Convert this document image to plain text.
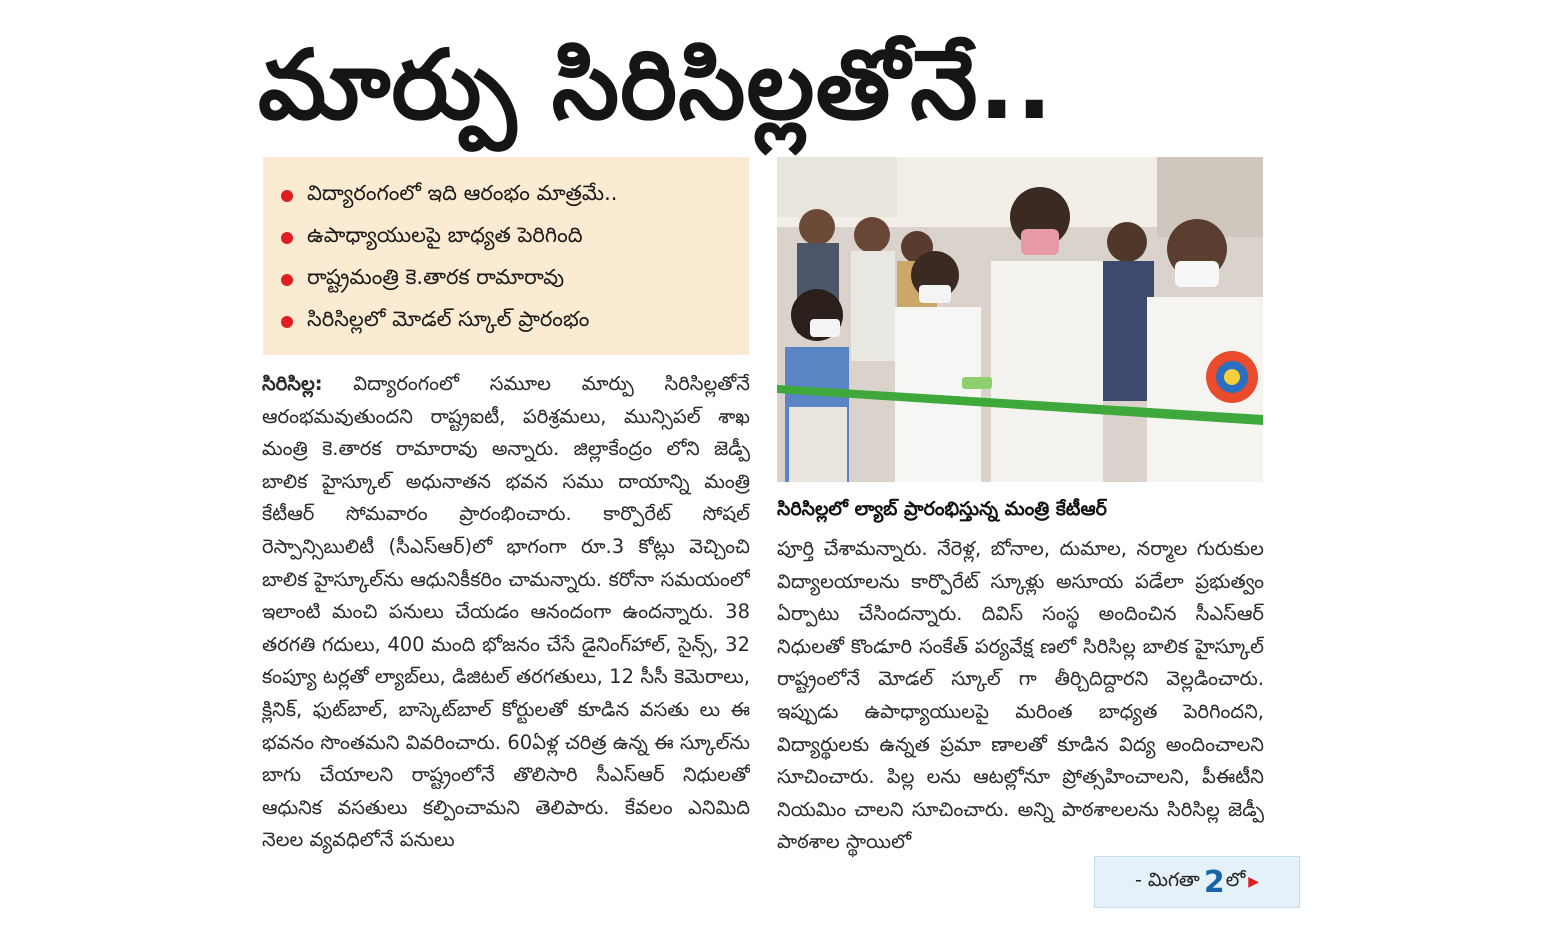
మార్పు సిరిసిల్లతోనే..
విద్యారంగంలో ఇది ఆరంభం మాత్రమే..
ఉపాధ్యాయులపై బాధ్యత పెరిగింది
రాష్ట్రమంత్రి కె.తారక రామారావు
సిరిసిల్లలో మోడల్ స్కూల్ ప్రారంభం
సిరిసిల్ల: విద్యారంగంలో సమూల మార్పు సిరిసిల్లతోనే ఆరంభమవుతుందని రాష్ట్రఐటీ, పరిశ్రమలు, మున్సిపల్ శాఖ మంత్రి కె.తారక రామారావు అన్నారు. జిల్లాకేంద్రం లోని జెడ్పీ బాలిక హైస్కూల్ అధునాతన భవన సము దాయాన్ని మంత్రి కేటీఆర్ సోమవారం ప్రారంభించారు. కార్పొరేట్ సోషల్ రెస్పాన్సిబులిటీ (సీఎస్ఆర్)లో భాగంగా రూ.3 కోట్లు వెచ్చించి బాలిక హైస్కూల్‌ను ఆధునికీకరిం చామన్నారు. కరోనా సమయంలో ఇలాంటి మంచి పనులు చేయడం ఆనందంగా ఉందన్నారు. 38 తరగతి గదులు, 400 మంది భోజనం చేసే డైనింగ్‌హాల్, సైన్స్, 32 కంప్యూ టర్లతో ల్యాబ్‌లు, డిజిటల్ తరగతులు, 12 సీసీ కెమెరాలు, క్లినిక్, ఫుట్‌బాల్, బాస్కెట్‌బాల్ కోర్టులతో కూడిన వసతు లు ఈ భవనం సొంతమని వివరించారు. 60ఏళ్ల చరిత్ర ఉన్న ఈ స్కూల్‌ను బాగు చేయాలని రాష్ట్రంలోనే తొలిసారి సీఎస్ఆర్ నిధులతో ఆధునిక వసతులు కల్పించామని తెలిపారు. కేవలం ఎనిమిది నెలల వ్యవధిలోనే పనులు
సిరిసిల్లలో ల్యాబ్ ప్రారంభిస్తున్న మంత్రి కేటీఆర్
పూర్తి చేశామన్నారు. నేరెళ్ల, బోనాల, దుమాల, నర్మాల గురుకుల విద్యాలయాలను కార్పొరేట్ స్కూళ్లు అసూయ పడేలా ప్రభుత్వం ఏర్పాటు చేసిందన్నారు. దివిస్ సంస్థ అందించిన సీఎస్ఆర్ నిధులతో కొండూరి సంకేత్ పర్యవేక్ష ణలో సిరిసిల్ల బాలిక హైస్కూల్ రాష్ట్రంలోనే మోడల్ స్కూల్ గా తీర్చిదిద్దారని వెల్లడించారు. ఇప్పుడు ఉపాధ్యాయులపై మరింత బాధ్యత పెరిగిందని, విద్యార్థులకు ఉన్నత ప్రమా ణాలతో కూడిన విద్య అందించాలని సూచించారు. పిల్ల లను ఆటల్లోనూ ప్రోత్సహించాలని, పీఈటీని నియమిం చాలని సూచించారు. అన్ని పాఠశాలలను సిరిసిల్ల జెడ్పీ పాఠశాల స్థాయిలో
- మిగతా 2 లో ▶
